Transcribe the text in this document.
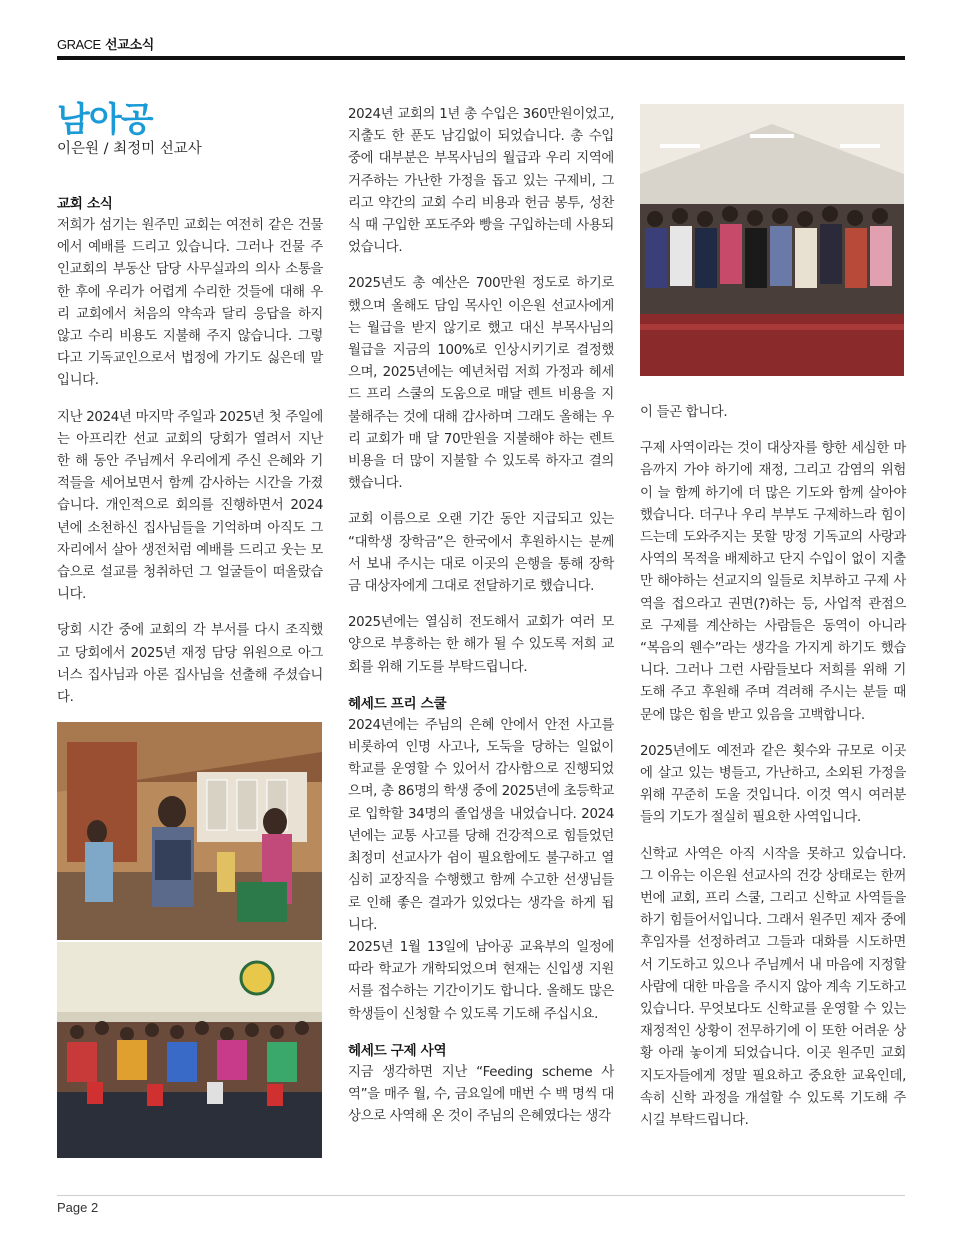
GRACE 선교소식
남아공
이은원 / 최정미 선교사
교회 소식

저희가 섬기는 원주민 교회는 여전히 같은 건물에서 예배를 드리고 있습니다. 그러나 건물 주인교회의 부동산 담당 사무실과의 의사 소통을 한 후에 우리가 어렵게 수리한 것들에 대해 우리 교회에서 처음의 약속과 달리 응답을 하지 않고 수리 비용도 지불해 주지 않습니다. 그렇다고 기독교인으로서 법정에 가기도 싫은데 말입니다.

지난 2024년 마지막 주일과 2025년 첫 주일에는 아프리칸 선교 교회의 당회가 열려서 지난 한 해 동안 주님께서 우리에게 주신 은혜와 기적들을 세어보면서 함께 감사하는 시간을 가졌습니다. 개인적으로 회의를 진행하면서 2024년에 소천하신 집사님들을 기억하며 아직도 그 자리에서 살아 생전처럼 예배를 드리고 웃는 모습으로 설교를 청취하던 그 얼굴들이 떠올랐습니다.

당회 시간 중에 교회의 각 부서를 다시 조직했고 당회에서 2025년 재정 담당 위원으로 아그너스 집사님과 아론 집사님을 선출해 주셨습니다.

2024년 교회의 1년 총 수입은 360만원이었고, 지출도 한 푼도 남김없이 되었습니다. 총 수입 중에 대부분은 부목사님의 월급과 우리 지역에 거주하는 가난한 가정을 돕고 있는 구제비, 그리고 약간의 교회 수리 비용과 헌금 봉투, 성찬식 때 구입한 포도주와 빵을 구입하는데 사용되었습니다.

2025년도 총 예산은 700만원 정도로 하기로 했으며 올해도 담임 목사인 이은원 선교사에게는 월급을 받지 않기로 했고 대신 부목사님의 월급을 지금의 100%로 인상시키기로 결정했으며, 2025년에는 예년처럼 저희 가정과 헤세드 프리 스쿨의 도움으로 매달 렌트 비용을 지불해주는 것에 대해 감사하며 그래도 올해는 우리 교회가 매 달 70만원을 지불해야 하는 렌트 비용을 더 많이 지불할 수 있도록 하자고 결의했습니다.

교회 이름으로 오랜 기간 동안 지급되고 있는 “대학생 장학금”은 한국에서 후원하시는 분께서 보내 주시는 대로 이곳의 은행을 통해 장학금 대상자에게 그대로 전달하기로 했습니다.

2025년에는 열심히 전도해서 교회가 여러 모양으로 부흥하는 한 해가 될 수 있도록 저희 교회를 위해 기도를 부탁드립니다.

헤세드 프리 스쿨

2024년에는 주님의 은혜 안에서 안전 사고를 비롯하여 인명 사고나, 도둑을 당하는 일없이 학교를 운영할 수 있어서 감사함으로 진행되었으며, 총 86명의 학생 중에 2025년에 초등학교로 입학할 34명의 졸업생을 내었습니다. 2024년에는 교통 사고를 당해 건강적으로 힘들었던 최정미 선교사가 쉼이 필요함에도 불구하고 열심히 교장직을 수행했고 함께 수고한 선생님들로 인해 좋은 결과가 있었다는 생각을 하게 됩니다.

2025년 1월 13일에 남아공 교육부의 일정에 따라 학교가 개학되었으며 현재는 신입생 지원서를 접수하는 기간이기도 합니다. 올해도 많은 학생들이 신청할 수 있도록 기도해 주십시요.

헤세드 구제 사역

지금 생각하면 지난 “Feeding scheme 사역”을 매주 월, 수, 금요일에 매번 수 백 명씩 대상으로 사역해 온 것이 주님의 은혜였다는 생각

이 들곤 합니다.

구제 사역이라는 것이 대상자를 향한 세심한 마음까지 가야 하기에 재정, 그리고 감염의 위험이 늘 함께 하기에 더 많은 기도와 함께 살아야 했습니다. 더구나 우리 부부도 구제하느라 힘이 드는데 도와주지는 못할 망정 기독교의 사랑과 사역의 목적을 배제하고 단지 수입이 없이 지출만 해야하는 선교지의 일들로 치부하고 구제 사역을 접으라고 권면(?)하는 등, 사업적 관점으로 구제를 계산하는 사람들은 동역이 아니라 “복음의 웬수”라는 생각을 가지게 하기도 했습니다. 그러나 그런 사람들보다 저희를 위해 기도해 주고 후원해 주며 격려해 주시는 분들 때문에 많은 힘을 받고 있음을 고백합니다.

2025년에도 예전과 같은 횟수와 규모로 이곳에 살고 있는 병들고, 가난하고, 소외된 가정을 위해 꾸준히 도울 것입니다. 이것 역시 여러분들의 기도가 절실히 필요한 사역입니다.

신학교 사역은 아직 시작을 못하고 있습니다. 그 이유는 이은원 선교사의 건강 상태로는 한꺼번에 교회, 프리 스쿨, 그리고 신학교 사역들을 하기 힘들어서입니다. 그래서 원주민 제자 중에 후임자를 선정하려고 그들과 대화를 시도하면서 기도하고 있으나 주님께서 내 마음에 지정할 사람에 대한 마음을 주시지 않아 계속 기도하고 있습니다. 무엇보다도 신학교를 운영할 수 있는 재정적인 상황이 전무하기에 이 또한 어려운 상황 아래 놓이게 되었습니다. 이곳 원주민 교회 지도자들에게 정말 필요하고 중요한 교육인데, 속히 신학 과정을 개설할 수 있도록 기도해 주시길 부탁드립니다.

Page 2
